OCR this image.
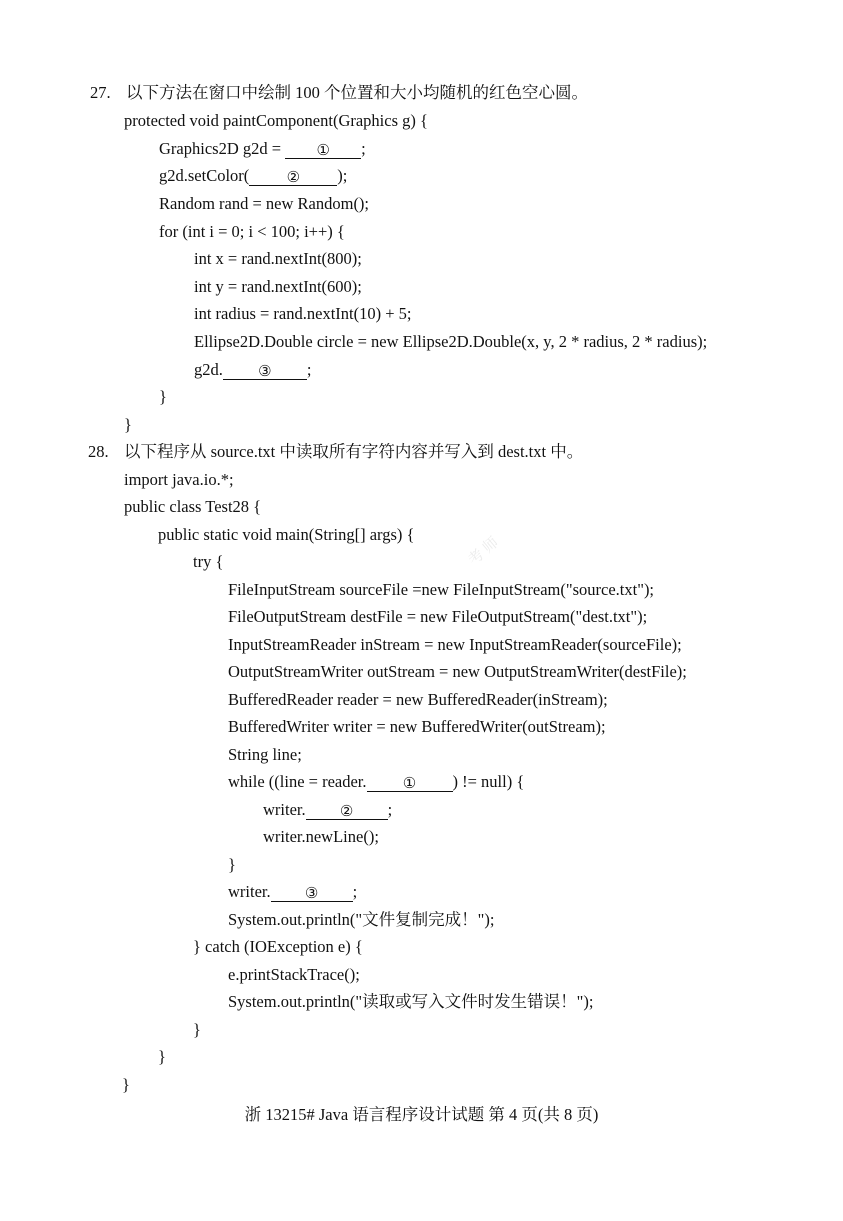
27. 以下方法在窗口中绘制 100 个位置和大小均随机的红色空心圆。
protected void paintComponent(Graphics g) {
Graphics2D g2d = ① ;
g2d.setColor( ② );
Random rand = new Random();
for (int i = 0; i < 100; i++) {
int x = rand.nextInt(800);
int y = rand.nextInt(600);
int radius = rand.nextInt(10) + 5;
Ellipse2D.Double circle = new Ellipse2D.Double(x, y, 2 * radius, 2 * radius);
g2d. ③ ;
}
}
28. 以下程序从 source.txt 中读取所有字符内容并写入到 dest.txt 中。
import java.io.*;
public class Test28 {
public static void main(String[] args) {
try {
FileInputStream sourceFile =new FileInputStream("source.txt");
FileOutputStream destFile = new FileOutputStream("dest.txt");
InputStreamReader inStream = new InputStreamReader(sourceFile);
OutputStreamWriter outStream = new OutputStreamWriter(destFile);
BufferedReader reader = new BufferedReader(inStream);
BufferedWriter writer = new BufferedWriter(outStream);
String line;
while ((line = reader. ① ) != null) {
writer. ② ;
writer.newLine();
}
writer. ③ ;
System.out.println("文件复制完成！");
} catch (IOException e) {
e.printStackTrace();
System.out.println("读取或写入文件时发生错误！");
}
}
}
浙 13215# Java 语言程序设计试题 第 4 页(共 8 页)
考 师
